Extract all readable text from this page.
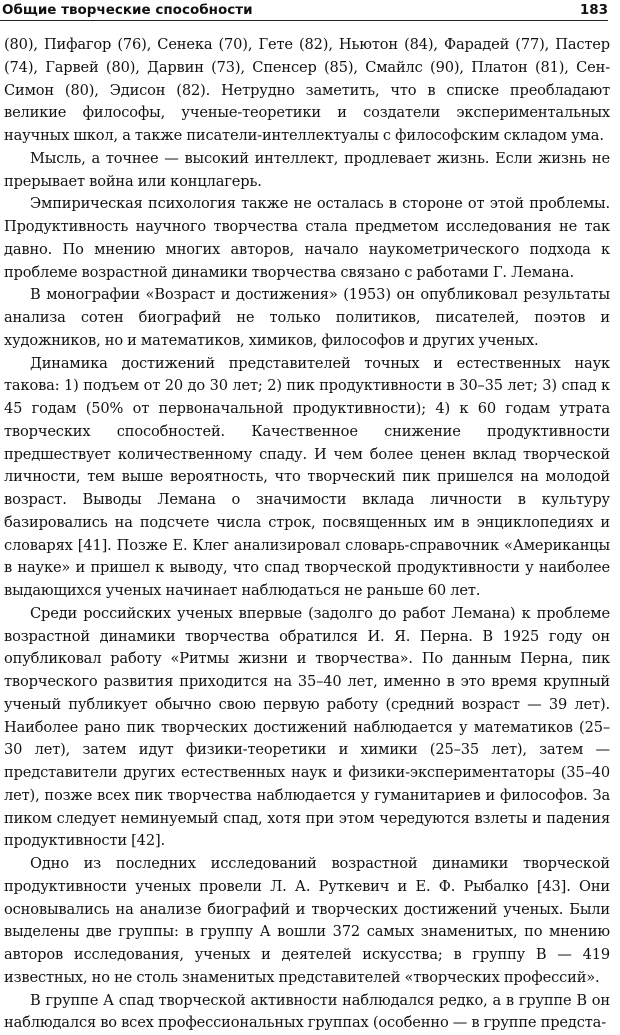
Общие творческие способности	183

(80), Пифагор (76), Сенека (70), Гете (82), Ньютон (84), Фарадей (77), Пастер (74), Гарвей (80), Дарвин (73), Спенсер (85), Смайлс (90), Платон (81), Сен-Симон (80), Эдисон (82). Нетрудно заметить, что в списке преобладают великие философы, ученые-теоретики и создатели экспериментальных научных школ, а также писатели-интеллектуалы с философским складом ума.

Мысль, а точнее — высокий интеллект, продлевает жизнь. Если жизнь не прерывает война или концлагерь.

Эмпирическая психология также не осталась в стороне от этой проблемы. Продуктивность научного творчества стала предметом исследования не так давно. По мнению многих авторов, начало наукометрического подхода к проблеме возрастной динамики творчества связано с работами Г. Лемана.

В монографии «Возраст и достижения» (1953) он опубликовал результаты анализа сотен биографий не только политиков, писателей, поэтов и художников, но и математиков, химиков, философов и других ученых.

Динамика достижений представителей точных и естественных наук такова: 1) подъем от 20 до 30 лет; 2) пик продуктивности в 30–35 лет; 3) спад к 45 годам (50% от первоначальной продуктивности); 4) к 60 годам утрата творческих способностей. Качественное снижение продуктивности предшествует количественному спаду. И чем более ценен вклад творческой личности, тем выше вероятность, что творческий пик пришелся на молодой возраст. Выводы Лемана о значимости вклада личности в культуру базировались на подсчете числа строк, посвященных им в энциклопедиях и словарях [41]. Позже Е. Клег анализировал словарь-справочник «Американцы в науке» и пришел к выводу, что спад творческой продуктивности у наиболее выдающихся ученых начинает наблюдаться не раньше 60 лет.

Среди российских ученых впервые (задолго до работ Лемана) к проблеме возрастной динамики творчества обратился И. Я. Перна. В 1925 году он опубликовал работу «Ритмы жизни и творчества». По данным Перна, пик творческого развития приходится на 35–40 лет, именно в это время крупный ученый публикует обычно свою первую работу (средний возраст — 39 лет). Наиболее рано пик творческих достижений наблюдается у математиков (25–30 лет), затем идут физики-теоретики и химики (25–35 лет), затем — представители других естественных наук и физики-экспериментаторы (35–40 лет), позже всех пик творчества наблюдается у гуманитариев и философов. За пиком следует неминуемый спад, хотя при этом чередуются взлеты и падения продуктивности [42].

Одно из последних исследований возрастной динамики творческой продуктивности ученых провели Л. А. Руткевич и Е. Ф. Рыбалко [43]. Они основывались на анализе биографий и творческих достижений ученых. Были выделены две группы: в группу А вошли 372 самых знаменитых, по мнению авторов исследования, ученых и деятелей искусства; в группу В — 419 известных, но не столь знаменитых представителей «творческих профессий».

В группе А спад творческой активности наблюдался редко, а в группе В он наблюдался во всех профессиональных группах (особенно — в группе предста-
